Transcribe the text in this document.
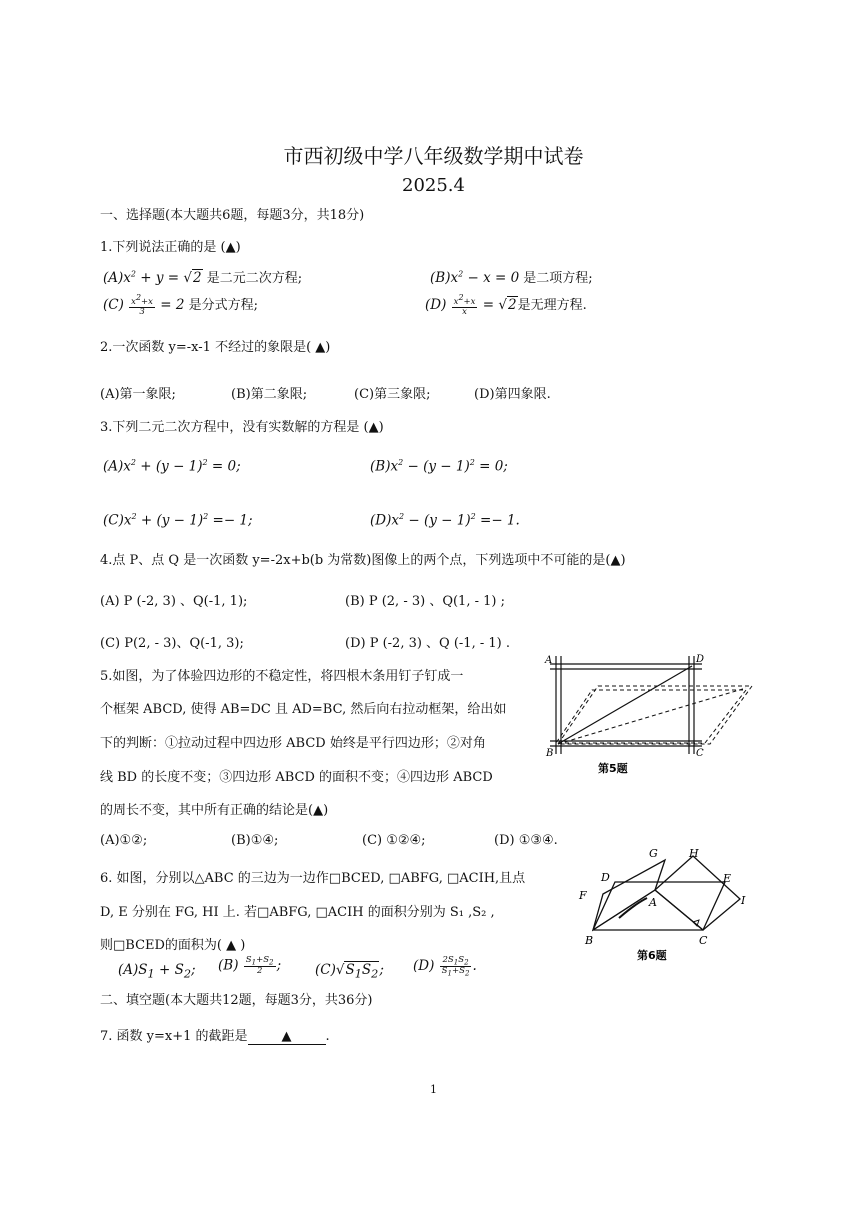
市西初级中学八年级数学期中试卷
2025.4
一、选择题(本大题共6题，每题3分，共18分)
1.下列说法正确的是 (▲)
$(A)x^2 + y = √2$ 是二元二次方程;	$(B)x^2 - x = 0$ 是二项方程;
$(C) \frac{x^2+x}{3} = 2$ 是分式方程;	$(D) \frac{x^2+x}{x} = √2$是无理方程.
2.一次函数 y=-x-1 不经过的象限是( ▲)
(A)第一象限;	(B)第二象限;	(C)第三象限;	(D)第四象限.
3.下列二元二次方程中，没有实数解的方程是 (▲)
$(A)x^2 + (y - 1)^2 = 0$;	$(B)x^2 - (y - 1)^2 = 0$;
$(C)x^2 + (y - 1)^2 =- 1$;	$(D)x^2 - (y - 1)^2 =- 1$.
4.点 P、点 Q 是一次函数 y=-2x+b(b 为常数)图像上的两个点，下列选项中不可能的是(▲)
(A) P (-2, 3) 、Q(-1, 1);	(B) P (2, - 3) 、Q(1, - 1) ;
(C) P(2, - 3)、Q(-1, 3);	(D) P (-2, 3) 、Q (-1, - 1) .
5.如图，为了体验四边形的不稳定性，将四根木条用钉子钉成一
个框架 ABCD, 使得 AB=DC 且 AD=BC, 然后向右拉动框架，给出如
下的判断：①拉动过程中四边形 ABCD 始终是平行四边形；②对角
线 BD 的长度不变；③四边形 ABCD 的面积不变；④四边形 ABCD
的周长不变，其中所有正确的结论是(▲)
(A)①②;	(B)①④;	(C) ①②④;	(D) ①③④.
A	D
B	C
第5题
6. 如图，分别以△ABC 的三边为一边作□BCED, □ABFG, □ACIH,且点
D, E 分别在 FG, HI 上. 若□ABFG, □ACIH 的面积分别为 S₁ ,S₂ ,
则□BCED的面积为( ▲ )
$(A)S_1 + S_2$; $(B) \frac{S_1+S_2}{2}$ ;	$(C)√S_1S_2$; $(D) \frac{2S_1S_2}{S_1+S_2}$ .
G	H
D	E
F	I
A
B	C
第6题
二、填空题(本大题共12题，每题3分，共36分)
7. 函数 y=x+1 的截距是	▲	.
1
